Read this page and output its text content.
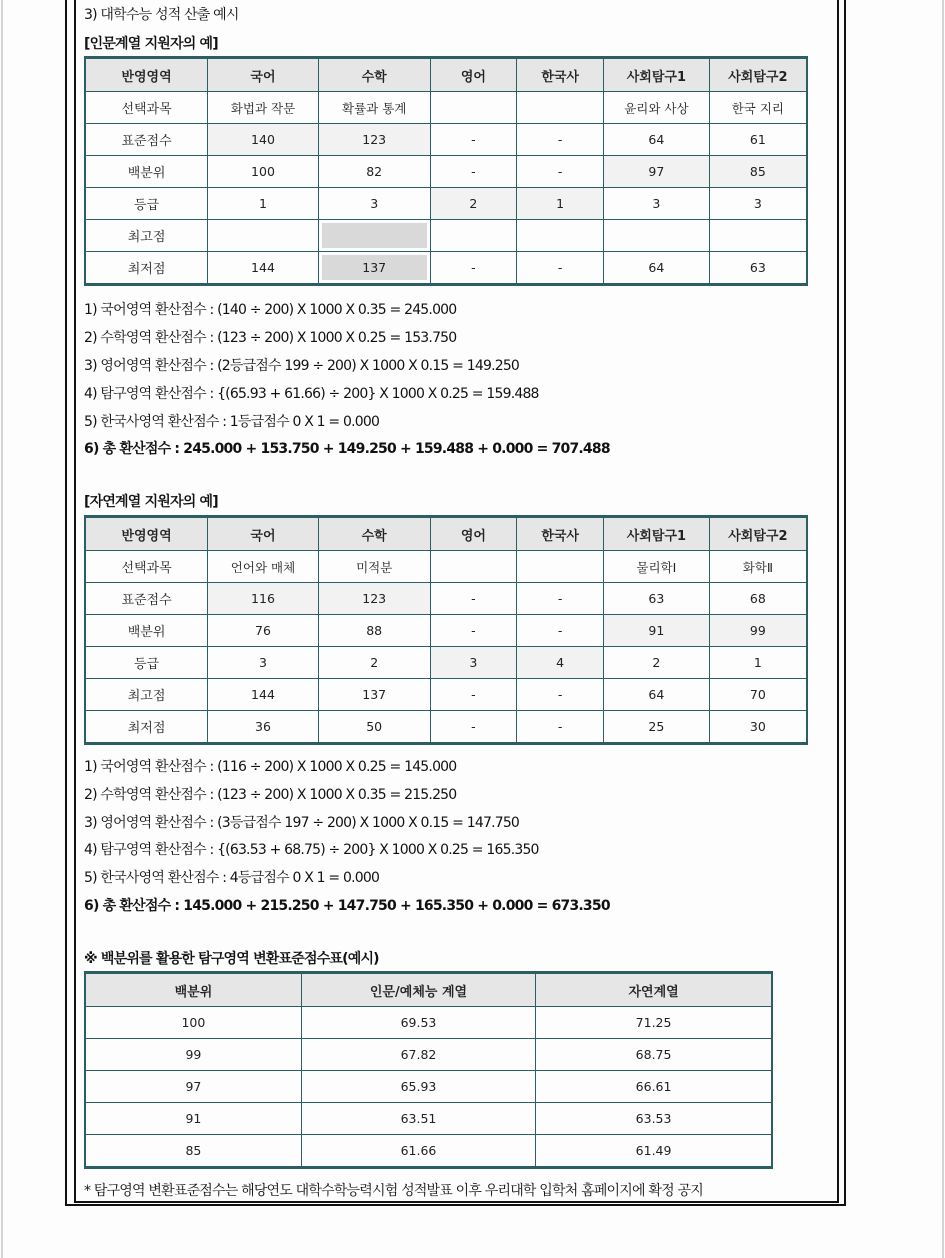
3) 대학수능 성적 산출 예시
[인문계열 지원자의 예]
반영영역	국어	수학	영어	한국사	사회탐구1	사회탐구2
선택과목	화법과 작문	확률과 통계			윤리와 사상	한국 지리
표준점수	140	123	-	-	64	61
백분위	100	82	-	-	97	85
등급	1	3	2	1	3	3
최고점		

최저점	144	137	-	-	64	63
1) 국어영역 환산점수 : (140 ÷ 200) X 1000 X 0.35 = 245.000
2) 수학영역 환산점수 : (123 ÷ 200) X 1000 X 0.25 = 153.750
3) 영어영역 환산점수 : (2등급점수 199 ÷ 200) X 1000 X 0.15 = 149.250
4) 탐구영역 환산점수 : {(65.93 + 61.66) ÷ 200} X 1000 X 0.25 = 159.488
5) 한국사영역 환산점수 : 1등급점수 0 X 1 = 0.000
6) 총 환산점수 : 245.000 + 153.750 + 149.250 + 159.488 + 0.000 = 707.488
[자연계열 지원자의 예]
반영영역	국어	수학	영어	한국사	사회탐구1	사회탐구2
선택과목	언어와 매체	미적분			물리학Ⅰ	화학Ⅱ
표준점수	116	123	-	-	63	68
백분위	76	88	-	-	91	99
등급	3	2	3	4	2	1
최고점	144	137	-	-	64	70
최저점	36	50	-	-	25	30
1) 국어영역 환산점수 : (116 ÷ 200) X 1000 X 0.25 = 145.000
2) 수학영역 환산점수 : (123 ÷ 200) X 1000 X 0.35 = 215.250
3) 영어영역 환산점수 : (3등급점수 197 ÷ 200) X 1000 X 0.15 = 147.750
4) 탐구영역 환산점수 : {(63.53 + 68.75) ÷ 200} X 1000 X 0.25 = 165.350
5) 한국사영역 환산점수 : 4등급점수 0 X 1 = 0.000
6) 총 환산점수 : 145.000 + 215.250 + 147.750 + 165.350 + 0.000 = 673.350
※ 백분위를 활용한 탐구영역 변환표준점수표(예시)
백분위	인문/예체능 계열	자연계열
100	69.53	71.25
99	67.82	68.75
97	65.93	66.61
91	63.51	63.53
85	61.66	61.49
* 탐구영역 변환표준점수는 해당연도 대학수학능력시험 성적발표 이후 우리대학 입학처 홈페이지에 확정 공지
